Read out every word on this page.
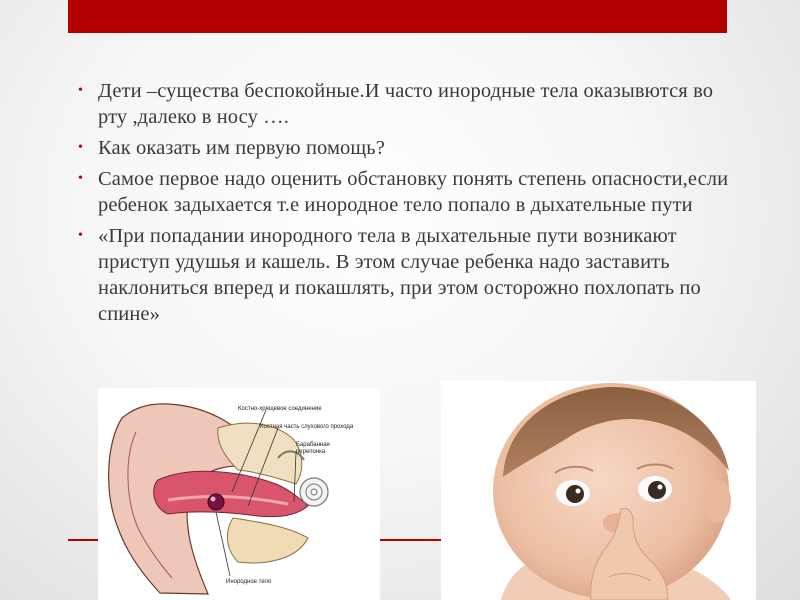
• Дети –существа беспокойные.И часто инородные тела оказывются во рту ,далеко в носу ….
• Как оказать им первую помощь?
• Самое первое надо оценить обстановку понять степень опасности,если ребенок задыхается т.е инородное тело попало в дыхательные пути
• «При попадании инородного тела в дыхательные пути возникают приступ удушья и кашель. В этом случае ребенка надо заставить наклониться вперед и покашлять, при этом осторожно похлопать по спине»
Костно-хрящевое соединение
Костная часть слухового прохода
Барабанная
перепонка
Инородное тело
